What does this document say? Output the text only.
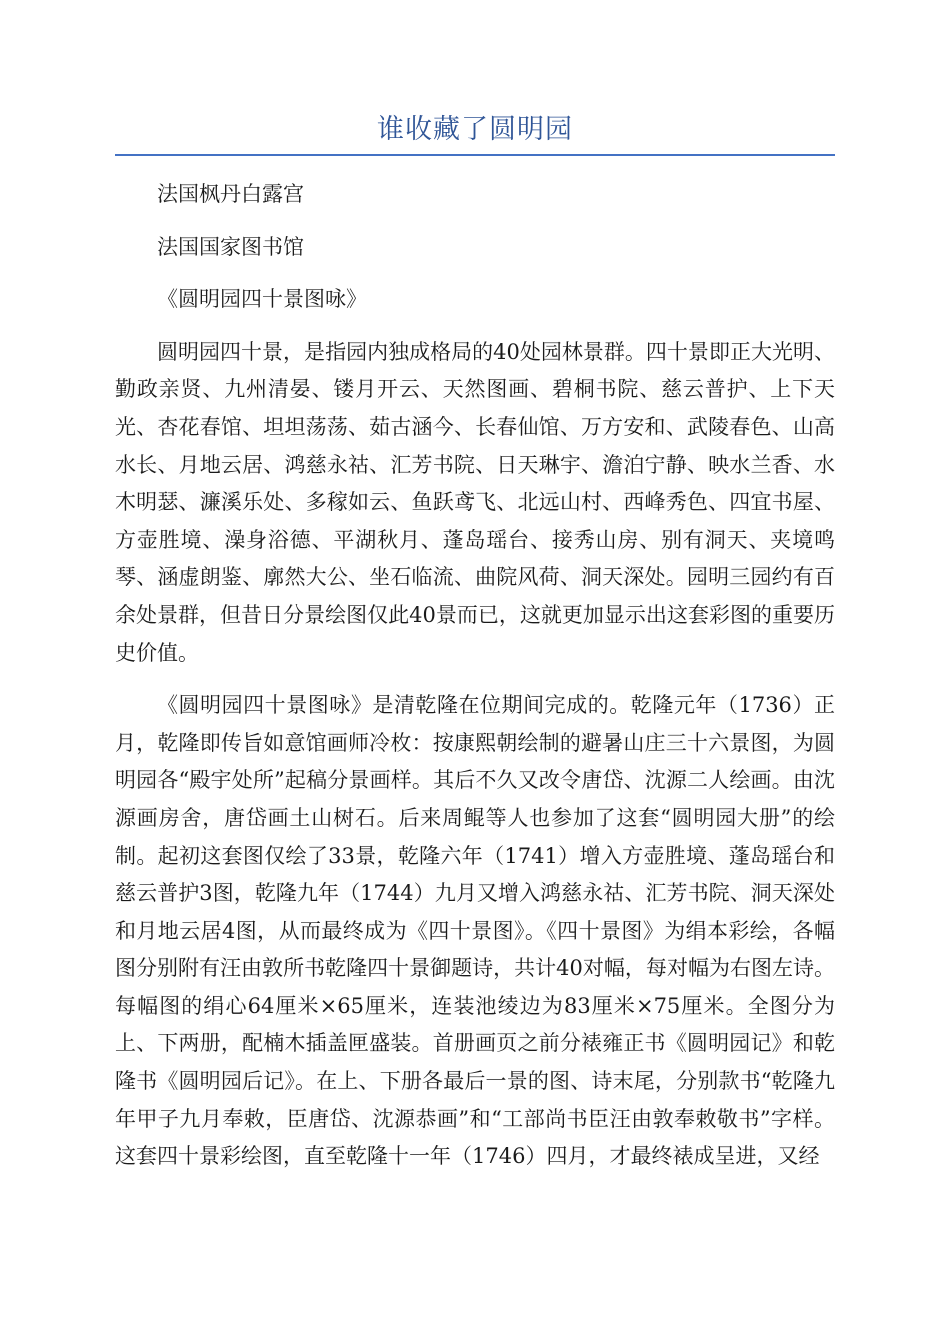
谁收藏了圆明园

法国枫丹白露宫

法国国家图书馆

《圆明园四十景图咏》

圆明园四十景，是指园内独成格局的40处园林景群。四十景即正大光明、勤政亲贤、九州清晏、镂月开云、天然图画、碧桐书院、慈云普护、上下天光、杏花春馆、坦坦荡荡、茹古涵今、长春仙馆、万方安和、武陵春色、山高水长、月地云居、鸿慈永祜、汇芳书院、日天琳宇、澹泊宁静、映水兰香、水木明瑟、濂溪乐处、多稼如云、鱼跃鸢飞、北远山村、西峰秀色、四宜书屋、方壶胜境、澡身浴德、平湖秋月、蓬岛瑶台、接秀山房、别有洞天、夹境鸣琴、涵虚朗鉴、廓然大公、坐石临流、曲院风荷、洞天深处。园明三园约有百余处景群，但昔日分景绘图仅此40景而已，这就更加显示出这套彩图的重要历史价值。

《圆明园四十景图咏》是清乾隆在位期间完成的。乾隆元年（1736）正月，乾隆即传旨如意馆画师冷枚：按康熙朝绘制的避暑山庄三十六景图，为圆明园各“殿宇处所”起稿分景画样。其后不久又改令唐岱、沈源二人绘画。由沈源画房舍，唐岱画土山树石。后来周鲲等人也参加了这套“圆明园大册”的绘制。起初这套图仅绘了33景，乾隆六年（1741）增入方壶胜境、蓬岛瑶台和慈云普护3图，乾隆九年（1744）九月又增入鸿慈永祜、汇芳书院、洞天深处和月地云居4图，从而最终成为《四十景图》。《四十景图》为绢本彩绘，各幅图分别附有汪由敦所书乾隆四十景御题诗，共计40对幅，每对幅为右图左诗。每幅图的绢心64厘米×65厘米，连装池绫边为83厘米×75厘米。全图分为上、下两册，配楠木插盖匣盛装。首册画页之前分裱雍正书《圆明园记》和乾隆书《圆明园后记》。在上、下册各最后一景的图、诗末尾，分别款书“乾隆九年甲子九月奉敕，臣唐岱、沈源恭画”和“工部尚书臣汪由敦奉敕敬书”字样。这套四十景彩绘图，直至乾隆十一年（1746）四月，才最终裱成呈进，又经
